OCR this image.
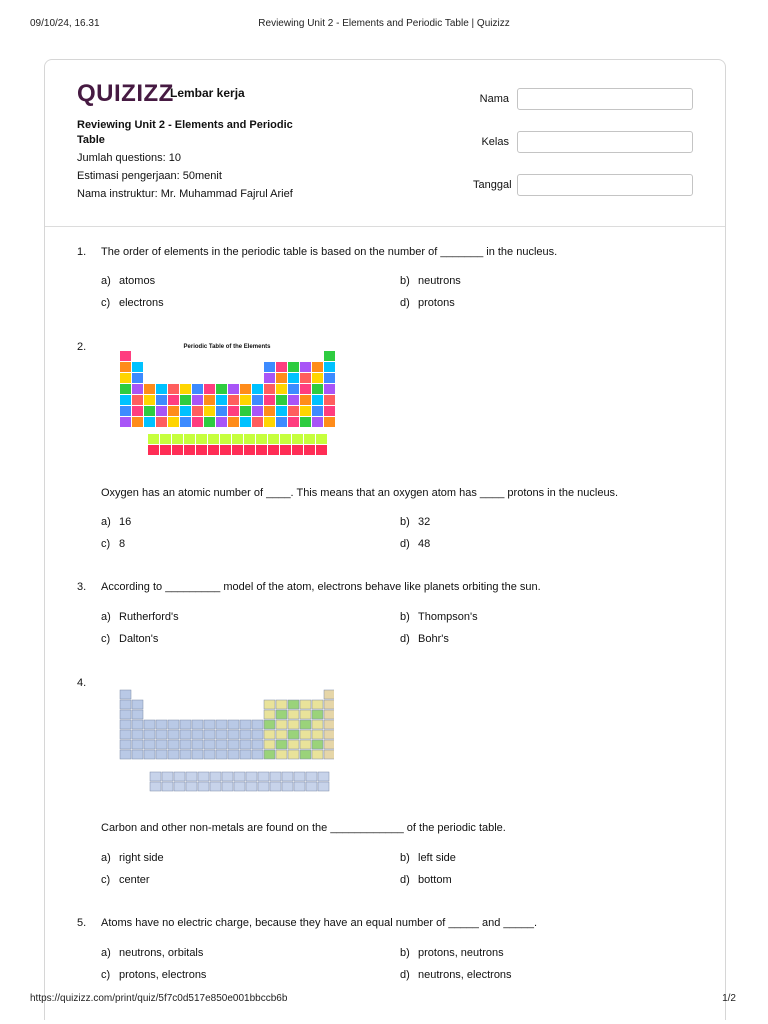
09/10/24, 16.31	Reviewing Unit 2 - Elements and Periodic Table | Quizizz
QUIZIZZ
Lembar kerja
Reviewing Unit 2 - Elements and Periodic Table
Jumlah questions: 10
Estimasi pengerjaan: 50menit
Nama instruktur: Mr. Muhammad Fajrul Arief
Nama
Kelas
Tanggal
1.	The order of elements in the periodic table is based on the number of _______ in the nucleus.
a) atomos	b) neutrons
c) electrons	d) protons
2.	Periodic Table of the Elements
Oxygen has an atomic number of ____. This means that an oxygen atom has ____ protons in the nucleus.
a) 16	b) 32
c) 8	d) 48
3.	According to _________ model of the atom, electrons behave like planets orbiting the sun.
a) Rutherford's	b) Thompson's
c) Dalton's	d) Bohr's
4.
Carbon and other non-metals are found on the ____________ of the periodic table.
a) right side	b) left side
c) center	d) bottom
5.	Atoms have no electric charge, because they have an equal number of _____ and _____.
a) neutrons, orbitals	b) protons, neutrons
c) protons, electrons	d) neutrons, electrons
https://quizizz.com/print/quiz/5f7c0d517e850e001bbccb6b	1/2
